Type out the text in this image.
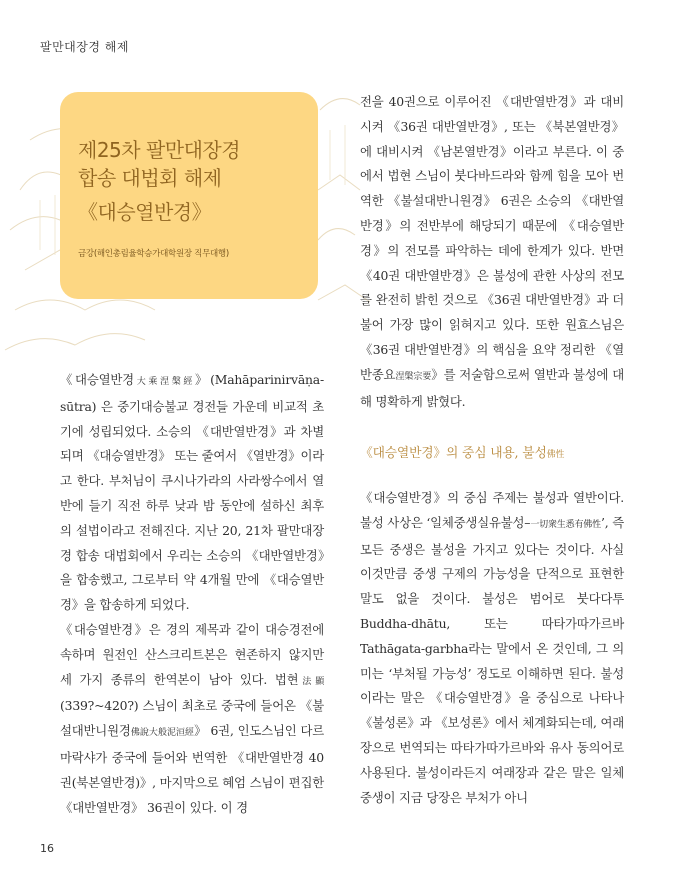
팔만대장경 해제
제25차 팔만대장경
합송 대법회 해제
《대승열반경》
금강(해인총림율학승가대학원장 직무대행)

《대승열반경大乘涅槃經》(Mahāparinirvāṇa-sūtra) 은 중기대승불교 경전들 가운데 비교적 초기에 성립되었다. 소승의 《대반열반경》과 차별되며 《대승열반경》 또는 줄여서 《열반경》이라고 한다. 부처님이 쿠시나가라의 사라쌍수에서 열반에 들기 직전 하루 낮과 밤 동안에 설하신 최후의 설법이라고 전해진다. 지난 20, 21차 팔만대장경 합송 대법회에서 우리는 소승의 《대반열반경》을 합송했고, 그로부터 약 4개월 만에 《대승열반경》을 합송하게 되었다.

《대승열반경》은 경의 제목과 같이 대승경전에 속하며 원전인 산스크리트본은 현존하지 않지만 세 가지 종류의 한역본이 남아 있다. 법현法顯(339?~420?) 스님이 최초로 중국에 들어온 《불설대반니원경佛說大般泥洹經》 6권, 인도스님인 다르마락샤가 중국에 들어와 번역한 《대반열반경 40권(북본열반경)》, 마지막으로 혜엄 스님이 편집한 《대반열반경》 36권이 있다. 이 경

전을 40권으로 이루어진 《대반열반경》과 대비시켜 《36권 대반열반경》, 또는 《북본열반경》에 대비시켜 《남본열반경》이라고 부른다. 이 중에서 법현 스님이 붓다바드라와 함께 힘을 모아 번역한 《불설대반니원경》 6권은 소승의 《대반열반경》의 전반부에 해당되기 때문에 《대승열반경》의 전모를 파악하는 데에 한계가 있다. 반면 《40권 대반열반경》은 불성에 관한 사상의 전모를 완전히 밝힌 것으로 《36권 대반열반경》과 더불어 가장 많이 읽혀지고 있다. 또한 원효스님은 《36권 대반열반경》의 핵심을 요약 정리한 《열반종요涅槃宗要》를 저술함으로써 열반과 불성에 대해 명확하게 밝혔다.

《대승열반경》의 중심 내용, 불성佛性

《대승열반경》의 중심 주제는 불성과 열반이다. 불성 사상은 ‘일체중생실유불성–一切衆生悉有佛性’, 즉 모든 중생은 불성을 가지고 있다는 것이다. 사실 이것만큼 중생 구제의 가능성을 단적으로 표현한 말도 없을 것이다. 불성은 범어로 붓다다투Buddha-dhātu, 또는 따타가따가르바 Tathāgata-garbha라는 말에서 온 것인데, 그 의미는 ‘부처될 가능성’ 정도로 이해하면 된다. 불성이라는 말은 《대승열반경》을 중심으로 나타나 《불성론》과 《보성론》에서 체계화되는데, 여래장으로 번역되는 따타가따가르바와 유사 동의어로 사용된다. 불성이라든지 여래장과 같은 말은 일체 중생이 지금 당장은 부처가 아니

16
